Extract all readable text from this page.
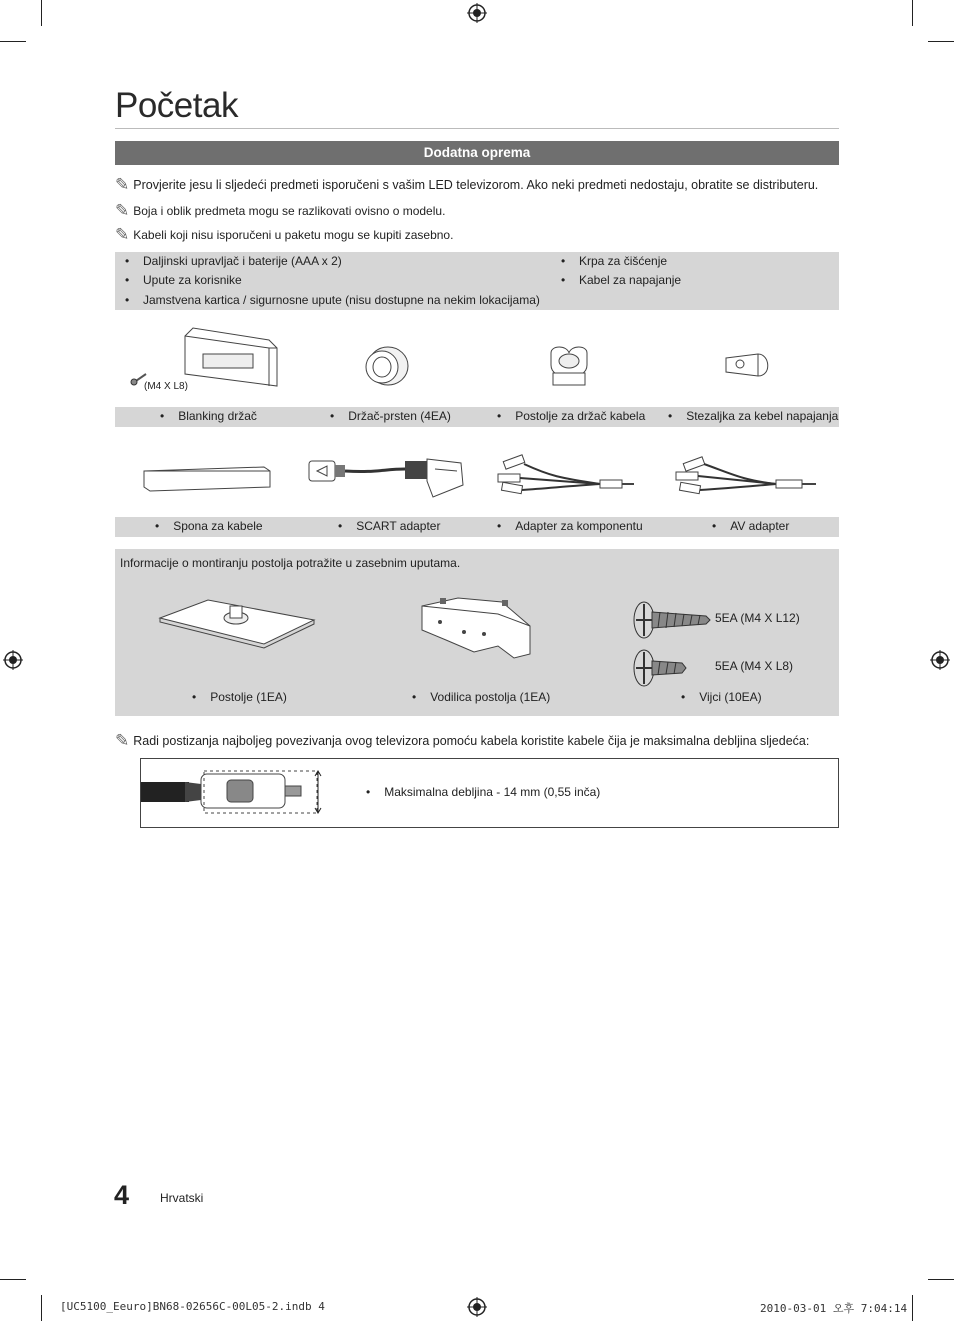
Početak
Dodatna oprema
✎ Provjerite jesu li sljedeći predmeti isporučeni s vašim LED televizorom. Ako neki predmeti nedostaju, obratite se distributeru.
✎ Boja i oblik predmeta mogu se razlikovati ovisno o modelu.
✎ Kabeli koji nisu isporučeni u paketu mogu se kupiti zasebno.
• Daljinski upravljač i baterije (AAA x 2)
• Upute za korisnike
• Jamstvena kartica / sigurnosne upute (nisu dostupne na nekim lokacijama)
• Krpa za čišćenje
• Kabel za napajanje
(M4 X L8)
• Blanking držač	• Držač-prsten (4EA)	• Postolje za držač kabela • Stezaljka za kebel napajanja
• Spona za kabele	• SCART adapter	• Adapter za komponentu	• AV adapter
Informacije o montiranju postolja potražite u zasebnim uputama.
5EA (M4 X L12)
5EA (M4 X L8)
• Postolje (1EA)	• Vodilica postolja (1EA)	• Vijci (10EA)
✎ Radi postizanja najboljeg povezivanja ovog televizora pomoću kabela koristite kabele čija je maksimalna debljina sljedeća:
• Maksimalna debljina - 14 mm (0,55 inča)
4	Hrvatski
[UC5100_Eeuro]BN68-02656C-00L05-2.indb 4	2010-03-01 오후 7:04:14
